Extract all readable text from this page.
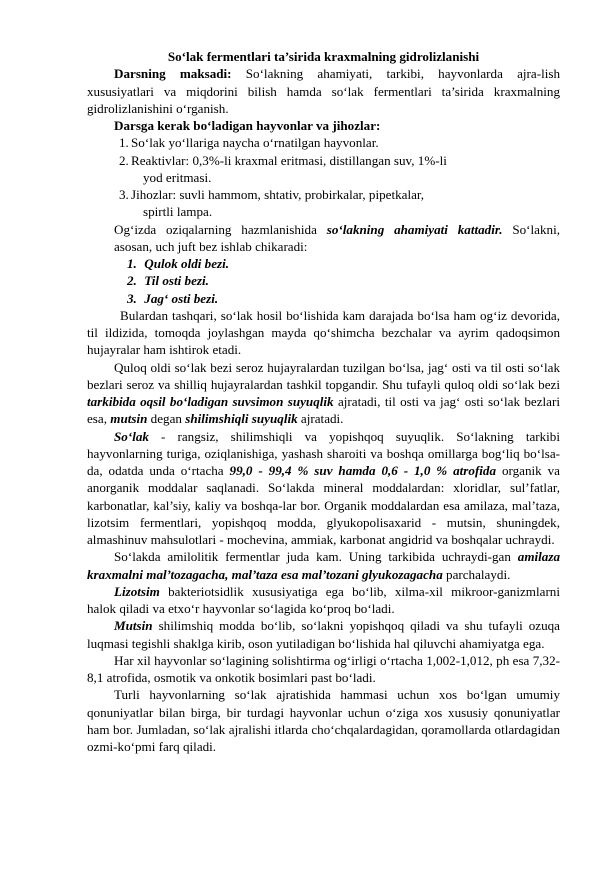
So‘lak fermentlari ta’sirida kraxmalning gidrolizlanishi

Darsning maksadi: So‘lakning ahamiyati, tarkibi, hayvonlarda ajra-lish xususiyatlari va miqdorini bilish hamda so‘lak fermentlari ta’sirida kraxmalning gidrolizlanishini o‘rganish.

Darsga kerak bo‘ladigan hayvonlar va jihozlar:

1. So‘lak yo‘llariga naycha o‘rnatilgan hayvonlar.
2. Reaktivlar: 0,3%-li kraxmal eritmasi, distillangan suv, 1%-li
yod eritmasi.
3. Jihozlar: suvli hammom, shtativ, probirkalar, pipetkalar,
spirtli lampa.

Og‘izda oziqalarning hazmlanishida so‘lakning ahamiyati kattadir. So‘lakni, asosan, uch juft bez ishlab chikaradi:

1. Qulok oldi bezi.
2. Til osti bezi.
3. Jag‘ osti bezi.

Bulardan tashqari, so‘lak hosil bo‘lishida kam darajada bo‘lsa ham og‘iz devorida, til ildizida, tomoqda joylashgan mayda qo‘shimcha bezchalar va ayrim qadoqsimon hujayralar ham ishtirok etadi.

Quloq oldi so‘lak bezi seroz hujayralardan tuzilgan bo‘lsa, jag‘ osti va til osti so‘lak bezlari seroz va shilliq hujayralardan tashkil topgandir. Shu tufayli quloq oldi so‘lak bezi tarkibida oqsil bo‘ladigan suvsimon suyuqlik ajratadi, til osti va jag‘ osti so‘lak bezlari esa, mutsin degan shilimshiqli suyuqlik ajratadi.

So‘lak - rangsiz, shilimshiqli va yopishqoq suyuqlik. So‘lakning tarkibi hayvonlarning turiga, oziqlanishiga, yashash sharoiti va boshqa omillarga bog‘liq bo‘lsa-da, odatda unda o‘rtacha 99,0 - 99,4 % suv hamda 0,6 - 1,0 % atrofida organik va anorganik moddalar saqlanadi. So‘lakda mineral moddalardan: xloridlar, sul’fatlar, karbonatlar, kal’siy, kaliy va boshqa-lar bor. Organik moddalardan esa amilaza, mal’taza, lizotsim fermentlari, yopishqoq modda, glyukopolisaxarid - mutsin, shuningdek, almashinuv mahsulotlari - mochevina, ammiak, karbonat angidrid va boshqalar uchraydi.

So‘lakda amilolitik fermentlar juda kam. Uning tarkibida uchraydi-gan amilaza kraxmalni mal’tozagacha, mal’taza esa mal’tozani glyukozagacha parchalaydi.

Lizotsim bakteriotsidlik xususiyatiga ega bo‘lib, xilma-xil mikroor-ganizmlarni halok qiladi va etxo‘r hayvonlar so‘lagida ko‘proq bo‘ladi.

Mutsin shilimshiq modda bo‘lib, so‘lakni yopishqoq qiladi va shu tufayli ozuqa luqmasi tegishli shaklga kirib, oson yutiladigan bo‘lishida hal qiluvchi ahamiyatga ega.

Har xil hayvonlar so‘lagining solishtirma og‘irligi o‘rtacha 1,002-1,012, ph esa 7,32-8,1 atrofida, osmotik va onkotik bosimlari past bo‘ladi.

Turli hayvonlarning so‘lak ajratishida hammasi uchun xos bo‘lgan umumiy qonuniyatlar bilan birga, bir turdagi hayvonlar uchun o‘ziga xos xususiy qonuniyatlar ham bor. Jumladan, so‘lak ajralishi itlarda cho‘chqalardagidan, qoramollarda otlardagidan ozmi-ko‘pmi farq qiladi.
